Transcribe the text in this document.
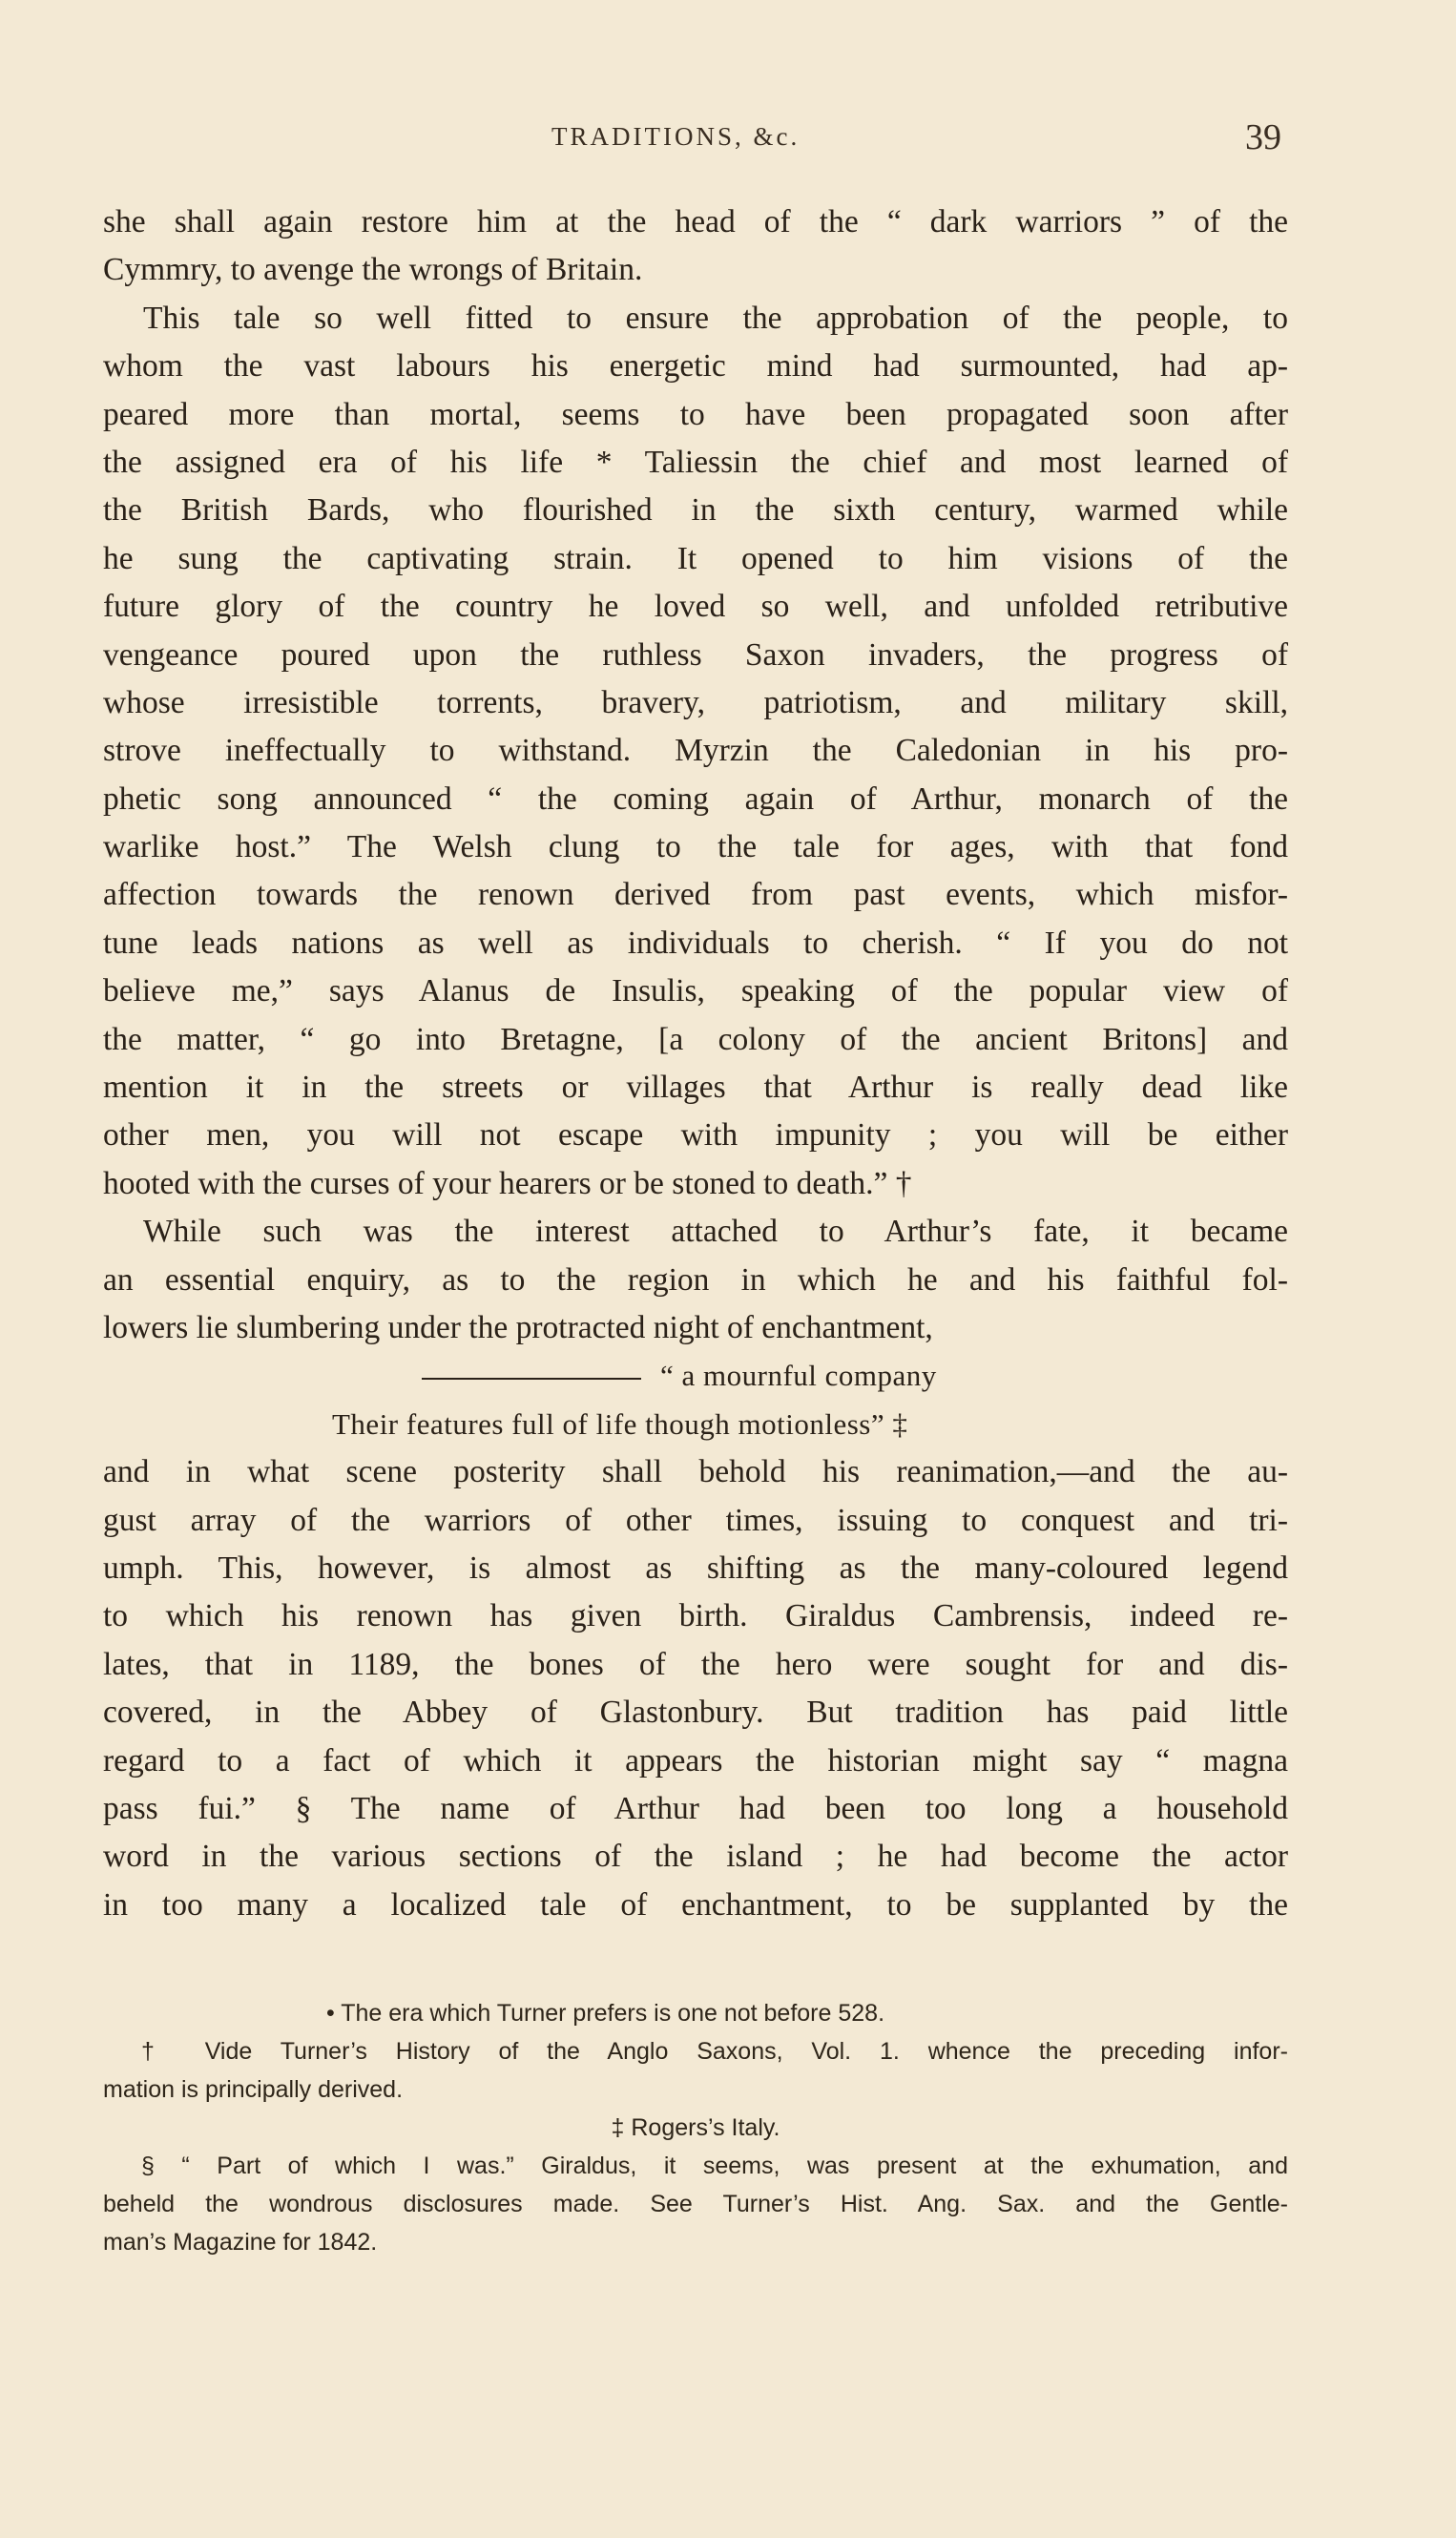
TRADITIONS, &c.	39
she shall again restore him at the head of the “ dark warriors ” of the
Cymmry, to avenge the wrongs of Britain.
This tale so well fitted to ensure the approbation of the people, to
whom the vast labours his energetic mind had surmounted, had ap-
peared more than mortal, seems to have been propagated soon after
the assigned era of his life * Taliessin the chief and most learned of
the British Bards, who flourished in the sixth century, warmed while
he sung the captivating strain. It opened to him visions of the
future glory of the country he loved so well, and unfolded retributive
vengeance poured upon the ruthless Saxon invaders, the progress of
whose irresistible torrents, bravery, patriotism, and military skill,
strove ineffectually to withstand. Myrzin the Caledonian in his pro-
phetic song announced “ the coming again of Arthur, monarch of the
warlike host.” The Welsh clung to the tale for ages, with that fond
affection towards the renown derived from past events, which misfor-
tune leads nations as well as individuals to cherish. “ If you do not
believe me,” says Alanus de Insulis, speaking of the popular view of
the matter, “ go into Bretagne, [a colony of the ancient Britons] and
mention it in the streets or villages that Arthur is really dead like
other men, you will not escape with impunity ; you will be either
hooted with the curses of your hearers or be stoned to death.” †
While such was the interest attached to Arthur’s fate, it became
an essential enquiry, as to the region in which he and his faithful fol-
lowers lie slumbering under the protracted night of enchantment,
“ a mournful company
Their features full of life though motionless” ‡
and in what scene posterity shall behold his reanimation,—and the au-
gust array of the warriors of other times, issuing to conquest and tri-
umph. This, however, is almost as shifting as the many-coloured legend
to which his renown has given birth. Giraldus Cambrensis, indeed re-
lates, that in 1189, the bones of the hero were sought for and dis-
covered, in the Abbey of Glastonbury. But tradition has paid little
regard to a fact of which it appears the historian might say “ magna
pass fui.” § The name of Arthur had been too long a household
word in the various sections of the island ; he had become the actor
in too many a localized tale of enchantment, to be supplanted by the
• The era which Turner prefers is one not before 528.
† Vide Turner’s History of the Anglo Saxons, Vol. 1. whence the preceding infor-
mation is principally derived.
‡ Rogers’s Italy.
§ “ Part of which I was.” Giraldus, it seems, was present at the exhumation, and
beheld the wondrous disclosures made. See Turner’s Hist. Ang. Sax. and the Gentle-
man’s Magazine for 1842.
